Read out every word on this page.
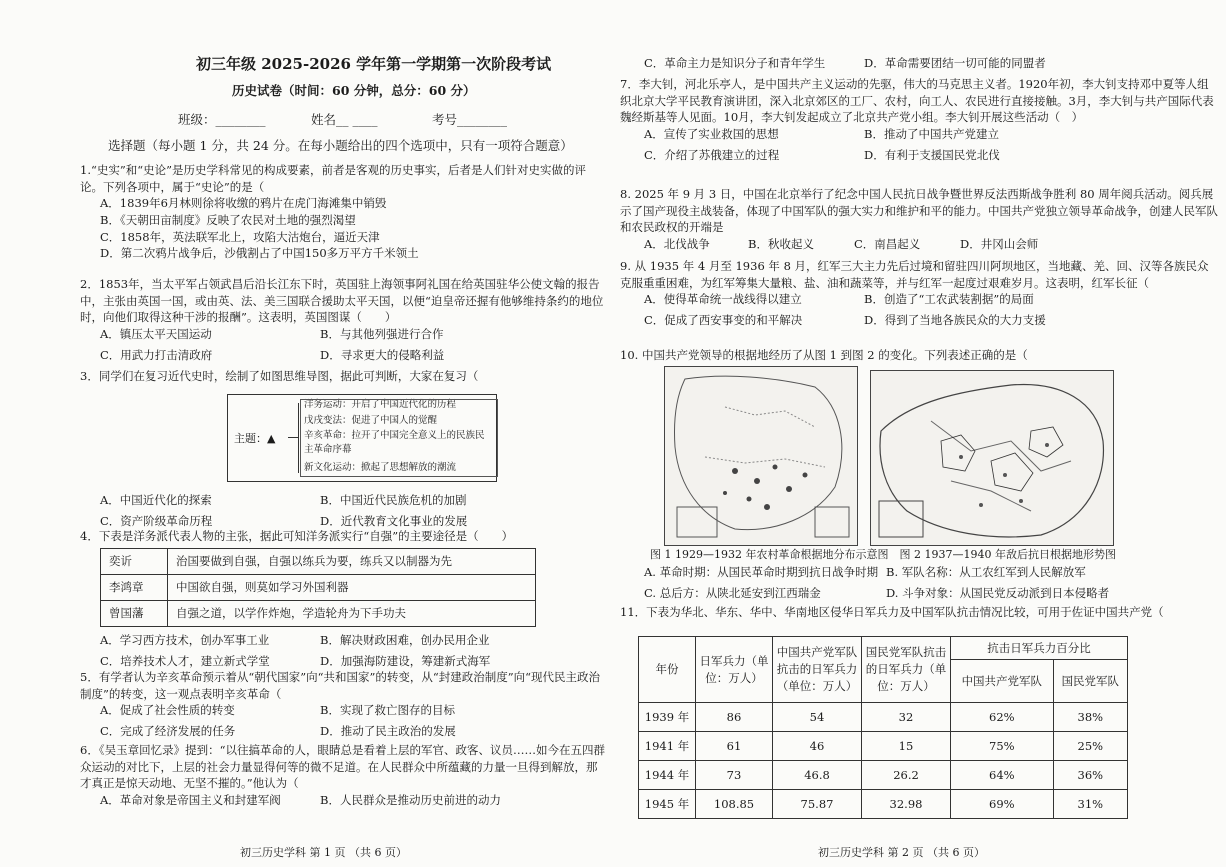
初三年级 2025-2026 学年第一学期第一次阶段考试
历史试卷（时间：60 分钟，总分：60 分）
班级：________	姓名__ ____	考号________
选择题（每小题 1 分，共 24 分。在每小题给出的四个选项中，只有一项符合题意）

1.“史实”和“史论”是历史学科常见的构成要素，前者是客观的历史事实，后者是人们针对史实做的评论。下列各项中，属于“史论”的是（

A．1839年6月林则徐将收缴的鸦片在虎门海滩集中销毁

B．《天朝田亩制度》反映了农民对土地的强烈渴望

C．1858年，英法联军北上，攻陷大沽炮台，逼近天津

D．第二次鸦片战争后，沙俄割占了中国150多万平方千米领土

2．1853年，当太平军占领武昌后沿长江东下时，英国驻上海领事阿礼国在给英国驻华公使文翰的报告中，主张由英国一国，或由英、法、美三国联合援助太平天国，以便“迫皇帝还握有他够维持条约的地位时，向他们取得这种干涉的报酬”。这表明，英国图谋（　　）

A．镇压太平天国运动	B．与其他列强进行合作
C．用武力打击清政府	D．寻求更大的侵略利益

3．同学们在复习近代史时，绘制了如图思维导图，据此可判断，大家在复习（

主题：▲
洋务运动：开启了中国近代化的历程
戊戌变法：促进了中国人的觉醒
辛亥革命：拉开了中国完全意义上的民族民主革命序幕
新文化运动：掀起了思想解放的潮流
A．中国近代化的探索	B．中国近代民族危机的加剧
C．资产阶级革命历程	D．近代教育文化事业的发展

4．下表是洋务派代表人物的主张，据此可知洋务派实行“自强”的主要途径是（　　）

奕䜣	治国要做到自强，自强以练兵为要，练兵又以制器为先
李鸿章	中国欲自强，则莫如学习外国利器
曾国藩	自强之道，以学作炸炮，学造轮舟为下手功夫
A．学习西方技术，创办军事工业	B．解决财政困难，创办民用企业
C．培养技术人才，建立新式学堂	D．加强海防建设，筹建新式海军

5．有学者认为辛亥革命预示着从“朝代国家”向“共和国家”的转变，从“封建政治制度”向“现代民主政治制度”的转变，这一观点表明辛亥革命（

A．促成了社会性质的转变	B．实现了救亡图存的目标
C．完成了经济发展的任务	D．推动了民主政治的发展

6．《吴玉章回忆录》提到：“以往搞革命的人，眼睛总是看着上层的军官、政客、议员……如今在五四群众运动的对比下，上层的社会力量显得何等的微不足道。在人民群众中所蕴藏的力量一旦得到解放，那才真正是惊天动地、无坚不摧的。”他认为（

A．革命对象是帝国主义和封建军阀	B．人民群众是推动历史前进的动力
初三历史学科 第 1 页 （共 6 页）
C．革命主力是知识分子和青年学生	D．革命需要团结一切可能的同盟者

7．李大钊，河北乐亭人，是中国共产主义运动的先驱，伟大的马克思主义者。1920年初，李大钊支持邓中夏等人组织北京大学平民教育演讲团，深入北京郊区的工厂、农村，向工人、农民进行直接接触。3月，李大钊与共产国际代表魏经斯基等人见面。10月，李大钊发起成立了北京共产党小组。李大钊开展这些活动（　）

A．宣传了实业救国的思想	B．推动了中国共产党建立
C．介绍了苏俄建立的过程	D．有利于支援国民党北伐

8. 2025 年 9 月 3 日，中国在北京举行了纪念中国人民抗日战争暨世界反法西斯战争胜利 80 周年阅兵活动。阅兵展示了国产现役主战装备，体现了中国军队的强大实力和维护和平的能力。中国共产党独立领导革命战争，创建人民军队和农民政权的开端是

A．北伐战争	B．秋收起义	C．南昌起义	D．井冈山会师

9. 从 1935 年 4 月至 1936 年 8 月，红军三大主力先后过境和留驻四川阿坝地区，当地藏、羌、回、汉等各族民众克服重重困难，为红军筹集大量粮、盐、油和蔬菜等，并与红军一起度过艰难岁月。这表明，红军长征（

A．使得革命统一战线得以建立	B．创造了“工农武装割据”的局面
C．促成了西安事变的和平解决	D．得到了当地各族民众的大力支援

10. 中国共产党领导的根据地经历了从图 1 到图 2 的变化。下列表述正确的是（

图 1 1929—1932 年农村革命根据地分布示意图　图 2 1937—1940 年敌后抗日根据地形势图
A. 革命时期：从国民革命时期到抗日战争时期 B. 军队名称：从工农红军到人民解放军
C. 总后方：从陕北延安到江西瑞金	D. 斗争对象：从国民党反动派到日本侵略者

11．下表为华北、华东、华中、华南地区侵华日军兵力及中国军队抗击情况比较，可用于佐证中国共产党（

年份	日军兵力（单位：万人）	中国共产党军队抗击的日军兵力（单位：万人）	国民党军队抗击的日军兵力（单位：万人）	抗击日军兵力百分比	
				中国共产党军队	国民党军队
1939 年	86	54	32	62%	38%
1941 年	61	46	15	75%	25%
1944 年	73	46.8	26.2	64%	36%
1945 年	108.85	75.87	32.98	69%	31%
初三历史学科 第 2 页 （共 6 页）
